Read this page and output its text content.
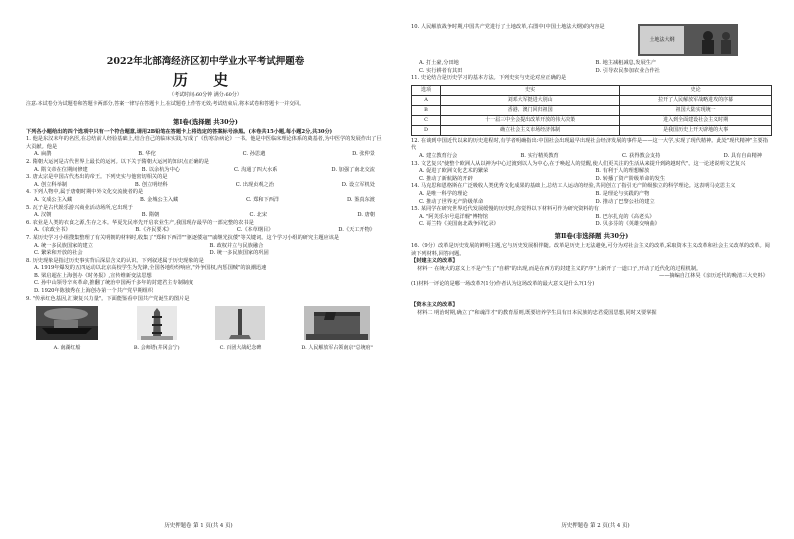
2022年北部湾经济区初中学业水平考试押题卷
历 史
（考试时间:60分钟 满分:60分）
注意:本试卷分为试题卷和答题卡两部分,答案一律写在答题卡上,在试题卷上作答无效;考试结束后,将本试卷和答题卡一并交回。
第Ⅰ卷(选择题 共30分)
下列各小题给出的四个选项中只有一个符合题意,请用2B铅笔在答题卡上将选定的答案标号涂黑。(本卷共15小题,每小题2分,共30分)
1. 他是东汉末年的名医,在总结前人经验基础上,结合自己的临床实践,写成了《伤寒杂病论》一书。他是中医临床理论体系的奠基者,为中医学的发展作出了巨大贡献。他是
A. 扁鹊	B. 华佗	C. 孙思邈	D. 张仲景
2. 隋朝大运河是古代世界上最长的运河。以下关于隋朝大运河的知识点正确的是
A. 隋文帝在位期间修建	B. 以余杭为中心	C. 沟通了四大水系	D. 加强了南北交流
3. 唐太宗是中国古代杰出的帝王。下列史实与他密切相关的是
A. 创立科举制	B. 创立明经科	C. 出现贞观之治	D. 设立军机处
4. 下列人物中,属于唐朝时期中外文化交流使者的是
A. 文成公主入藏	B. 金城公主入藏	C. 郑和下西洋	D. 鉴真东渡
5. 瓦子是古代娱乐游兴商业活动场所,它出现于
A. 汉朝	B. 隋朝	C. 北宋	D. 唐朝
6. 农业是人类的衣食之源,生存之本。华夏先民率先开启农业生产,我国现存最早的一部完整的农书是
A.《农政全书》	B.《齐民要术》	C.《本草纲目》	D.《天工开物》
7. 某历史学习小组搜集整理了有关明朝的材料时,收集了"郑和下西洋""驱逐倭寇""戚继光抗倭"等关键词。这个学习小组的研究主题应该是
A. 统一多民族国家的建立	B. 政权并立与民族融合
C. 繁荣和开放的社会	D. 统一多民族国家的巩固
8. 历史现象是指过历史事实背后深层含义的认识。下列叙述属于历史现象的是
A. 1919年爆发的五四运动以北京高校学生为先锋,全国各地纷纷响应,"外争国权,内惩国贼"的浪潮迅速
B. 梁启超在上海创办《时务报》,宣传维新变法思想
C. 孙中山领导辛亥革命,推翻了统治中国两千多年的封建君主专制制度
D. 1920年陈独秀在上海创办第一个共产党早期组织
9. "传承红色基因,汇聚复兴力量"。下面能鉴看中国共产党诞生的图片是
A. 南湖红船	B. 会师塔(井冈会宁)	C. 百团大战纪念碑	D. 人民解放军占领南京"总统府"
历史押题卷 第 1 页(共 4 页)
10. 人民解放战争时期,中国共产党进行了土地改革,右图中(中国土地法大纲)的内容是
土地法大纲
A. 打土豪,分田地	B. 地主减租减息,发展生产
C. 实行耕者有其田	D. 引导农民参加农业合作社
11. 史论结合是历史学习的基本方法。下列史实与史论对应正确的是
选项	史实	史论
A	刘邓大军挺进大别山	拉开了人民解放军战略进攻的序幕
B	香港、澳门回归祖国	祖国大陆实现统一
C	十一届三中全会提出改革开放的伟大决策	进入到全面建设社会主义时期
D	确立社会主义市场经济体制	是我国历史上开天辟地的大事
12. 在谈到中国近代以来的历史进程时,有学者明确指出:中国社会出现最早出现社会经济发展的事件是——这一大学,实现了现代精神。此处"现代精神"主要指代
A. 建立教育行会	B. 实行精英教育	C. 获得教会支持	D. 具有自由精神
13. 文艺复兴"使整个欧洲人从以神为中心过渡到以人为中心,在于唤起人的觉醒,使人们更关注的生活从来提升到跨越时代"。这一论述说明文艺复兴
A. 促进了欧洲文化艺术的繁荣	B. 有利于人的理想解放
C. 推动了新航路的开辟	D. 转播了资产阶级革命的发生
14. 马克思和恩格斯在广泛吸收人类优秀文化成果的基础上,总结工人运动的经验,共同创立了指引无产阶级独立的科学理论。这表明马克思主义
A. 是唯一科学的理论	B. 是理论与实践的产物
C. 推动了世界无产阶级革命	D. 推动了巴黎公社的建立
15. 某同学在研究世界近代发展缓慢的历史时,你觉得以下材料可作为研究资料的有
A. "阿芙乐尔号巡洋舰"博物馆	B. 巴尔扎克的《高老头》
C. 哥兰特《美国南北战争回忆录》	D. 贝多芬的《英雄交响曲》
第Ⅱ卷(非选择题 共30分)
16.（9分）改革是历史发展的鲜明主题,它与历史发展相伴随。改革是历史上无法避免,可分为对社会主义的改革,采取资本主义改革和社会主义改革的改革。阅读下列材料,回答问题。
【封建主义的改革】
材料一 在统大的意义上不是产生了"自耕"的出现,而是在西方的封建主义的"序"上新开了一道口子,开动了近代化的过程机制。
——摘编自江林昊《亲历近代的晚清三大史料》
(1)材料一评论的是哪一场改革?(1分)作者认为这场改革的最大意义是什么?(1分)
【资本主义的改革】
材料二 明治时期,确立了"和魂洋才"的教育原则,既要培养学生具有日本民族的忠君爱国思想,同时又要掌握
历史押题卷 第 2 页(共 4 页)
